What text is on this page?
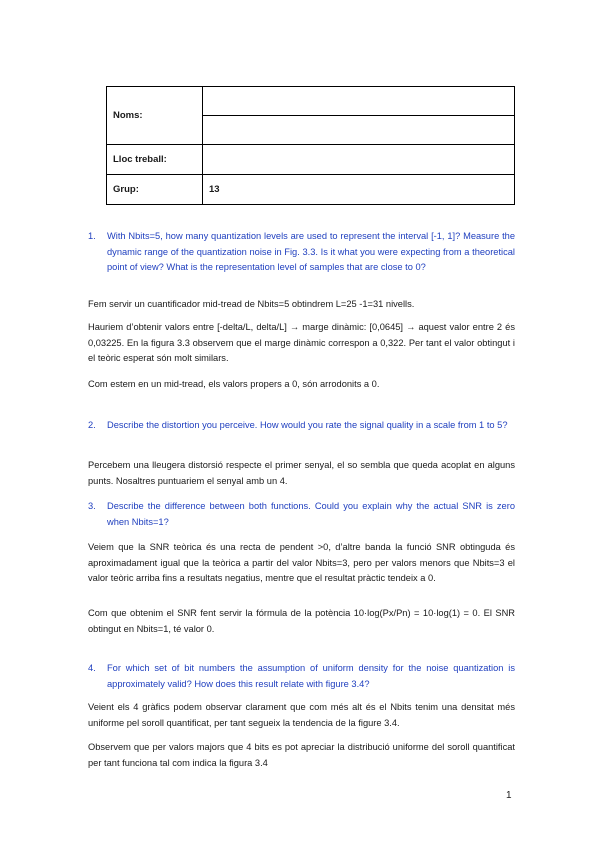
Noms:	

Lloc treball:	
Grup:	13
1. With Nbits=5, how many quantization levels are used to represent the interval [-1, 1]? Measure the dynamic range of the quantization noise in Fig. 3.3. Is it what you were expecting from a theoretical point of view? What is the representation level of samples that are close to 0?
Fem servir un cuantificador mid-tread de Nbits=5 obtindrem L=25 -1=31 nivells.
Hauriem d’obtenir valors entre [-delta/L, delta/L] → marge dinàmic: [0,0645] → aquest valor entre 2 és 0,03225. En la figura 3.3 observem que el marge dinàmic correspon a 0,322. Per tant el valor obtingut i el teòric esperat són molt similars.
Com estem en un mid-tread, els valors propers a 0, són arrodonits a 0.
2. Describe the distortion you perceive. How would you rate the signal quality in a scale from 1 to 5?
Percebem una lleugera distorsió respecte el primer senyal, el so sembla que queda acoplat en alguns punts. Nosaltres puntuariem el senyal amb un 4.
3. Describe the difference between both functions. Could you explain why the actual SNR is zero when Nbits=1?
Veiem que la SNR teòrica és una recta de pendent >0, d’altre banda la funció SNR obtinguda és aproximadament igual que la teòrica a partir del valor Nbits=3, pero per valors menors que Nbits=3 el valor teòric arriba fins a resultats negatius, mentre que el resultat pràctic tendeix a 0.
Com que obtenim el SNR fent servir la fórmula de la potència 10·log(Px/Pn) = 10·log(1) = 0. El SNR obtingut en Nbits=1, té valor 0.
4. For which set of bit numbers the assumption of uniform density for the noise quantization is approximately valid? How does this result relate with figure 3.4?
Veient els 4 gràfics podem observar clarament que com més alt és el Nbits tenim una densitat més uniforme pel soroll quantificat, per tant segueix la tendencia de la figure 3.4.
Observem que per valors majors que 4 bits es pot apreciar la distribució uniforme del soroll quantificat per tant funciona tal com indica la figura 3.4
1
